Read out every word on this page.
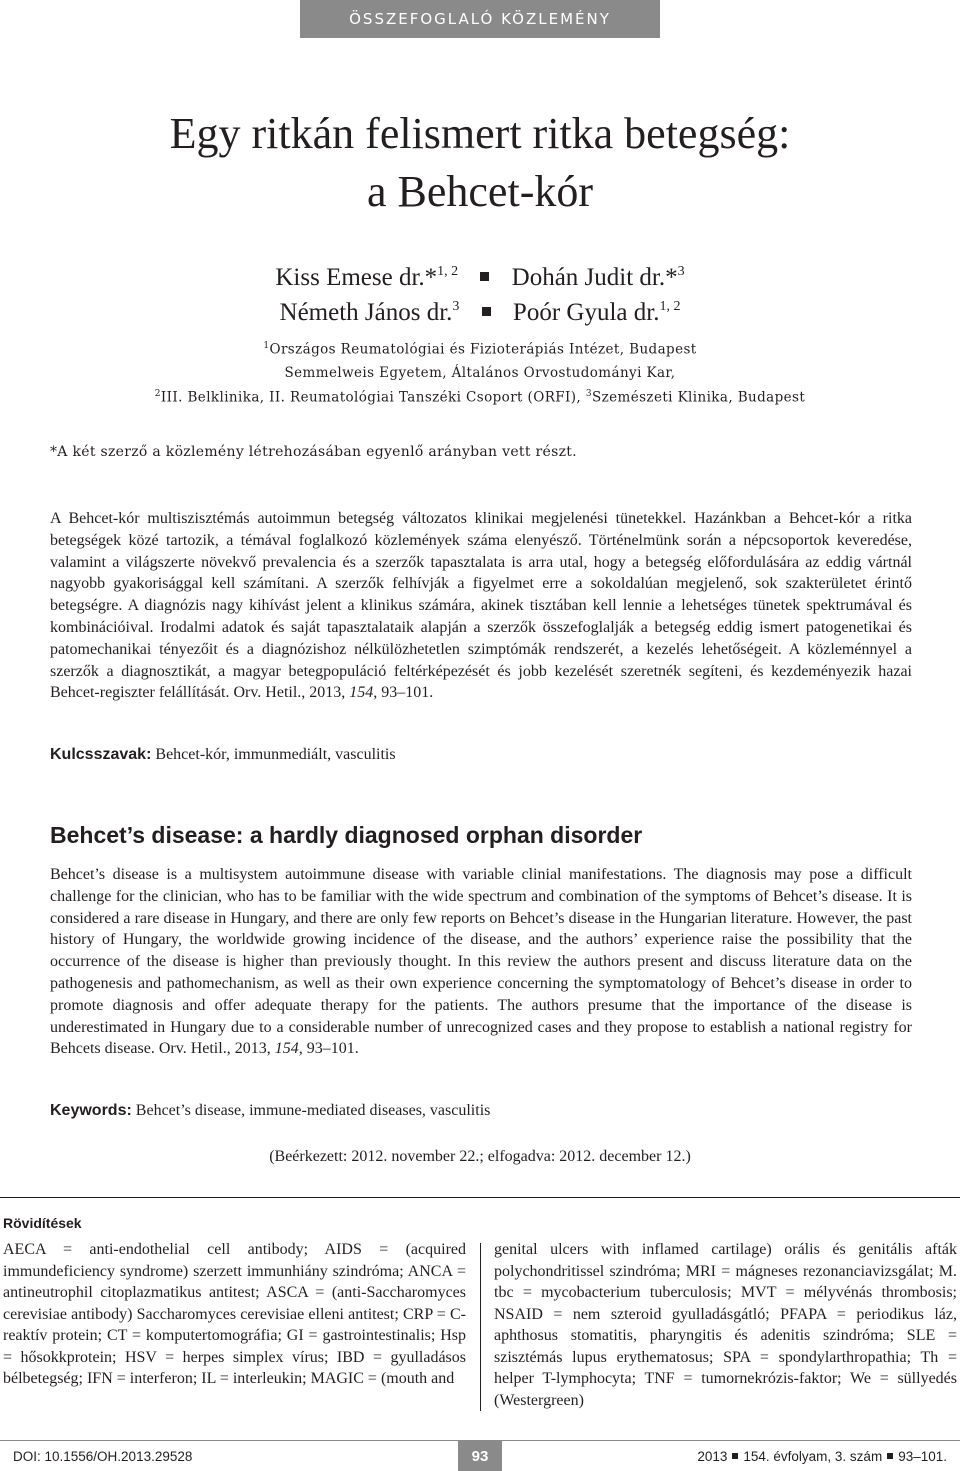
ÖSSZEFOGLALÓ KÖZLEMÉNY
Egy ritkán felismert ritka betegség:
a Behcet-kór
Kiss Emese dr.*$^{1, 2}$ Dohán Judit dr.*$^3$
Németh János dr.$^3$ Poór Gyula dr.$^{1, 2}$
$^1$Országos Reumatológiai és Fizioterápiás Intézet, Budapest
Semmelweis Egyetem, Általános Orvostudományi Kar,
$^2$III. Belklinika, II. Reumatológiai Tanszéki Csoport (ORFI), $^3$Szemészeti Klinika, Budapest
*A két szerző a közlemény létrehozásában egyenlő arányban vett részt.
A Behcet-kór multiszisztémás autoimmun betegség változatos klinikai megjelenési tünetekkel. Hazánkban a Behcet-kór a ritka betegségek közé tartozik, a témával foglalkozó közlemények száma elenyésző. Történelmünk során a népcsoportok keveredése, valamint a világszerte növekvő prevalencia és a szerzők tapasztalata is arra utal, hogy a betegség előfordulására az eddig vártnál nagyobb gyakorisággal kell számítani. A szerzők felhívják a figyelmet erre a sokoldalúan megjelenő, sok szakterületet érintő betegségre. A diagnózis nagy kihívást jelent a klinikus számára, akinek tisztában kell lennie a lehetséges tünetek spektrumával és kombinációival. Irodalmi adatok és saját tapasztalataik alapján a szerzők összefoglalják a betegség eddig ismert patogenetikai és patomechanikai tényezőit és a diagnózishoz nélkülözhetetlen szimptómák rendszerét, a kezelés lehetőségeit. A közleménnyel a szerzők a diagnosztikát, a magyar betegpopuláció feltérképezését és jobb kezelését szeretnék segíteni, és kezdeményezik hazai Behcet-regiszter felállítását. Orv. Hetil., 2013, 154, 93–101.
Kulcsszavak: Behcet-kór, immunmediált, vasculitis
Behcet’s disease: a hardly diagnosed orphan disorder
Behcet’s disease is a multisystem autoimmune disease with variable clinial manifestations. The diagnosis may pose a difficult challenge for the clinician, who has to be familiar with the wide spectrum and combination of the symptoms of Behcet’s disease. It is considered a rare disease in Hungary, and there are only few reports on Behcet’s disease in the Hungarian literature. However, the past history of Hungary, the worldwide growing incidence of the disease, and the authors’ experience raise the possibility that the occurrence of the disease is higher than previously thought. In this review the authors present and discuss literature data on the pathogenesis and pathomechanism, as well as their own experience concerning the symptomatology of Behcet’s disease in order to promote diagnosis and offer adequate therapy for the patients. The authors presume that the importance of the disease is underestimated in Hungary due to a considerable number of unrecognized cases and they propose to establish a national registry for Behcets disease. Orv. Hetil., 2013, 154, 93–101.
Keywords: Behcet’s disease, immune-mediated diseases, vasculitis
(Beérkezett: 2012. november 22.; elfogadva: 2012. december 12.)
Rövidítések
AECA = anti-endothelial cell antibody; AIDS = (acquired immundeficiency syndrome) szerzett immunhiány szindróma; ANCA = antineutrophil citoplazmatikus antitest; ASCA = (anti-Saccharomyces cerevisiae antibody) Saccharomyces cerevisiae elleni antitest; CRP = C-reaktív protein; CT = komputertomográfia; GI = gastrointestinalis; Hsp = hősokkprotein; HSV = herpes simplex vírus; IBD = gyulladásos bélbetegség; IFN = interferon; IL = interleukin; MAGIC = (mouth and
genital ulcers with inflamed cartilage) orális és genitális afták polychondritissel szindróma; MRI = mágneses rezonanciavizsgálat; M. tbc = mycobacterium tuberculosis; MVT = mélyvénás thrombosis; NSAID = nem szteroid gyulladásgátló; PFAPA = periodikus láz, aphthosus stomatitis, pharyngitis és adenitis szindróma; SLE = szisztémás lupus erythematosus; SPA = spondylarthropathia; Th = helper T-lymphocyta; TNF = tumornekrózis-faktor; We = süllyedés (Westergreen)
DOI: 10.1556/OH.2013.29528	93	2013 154. évfolyam, 3. szám 93–101.
